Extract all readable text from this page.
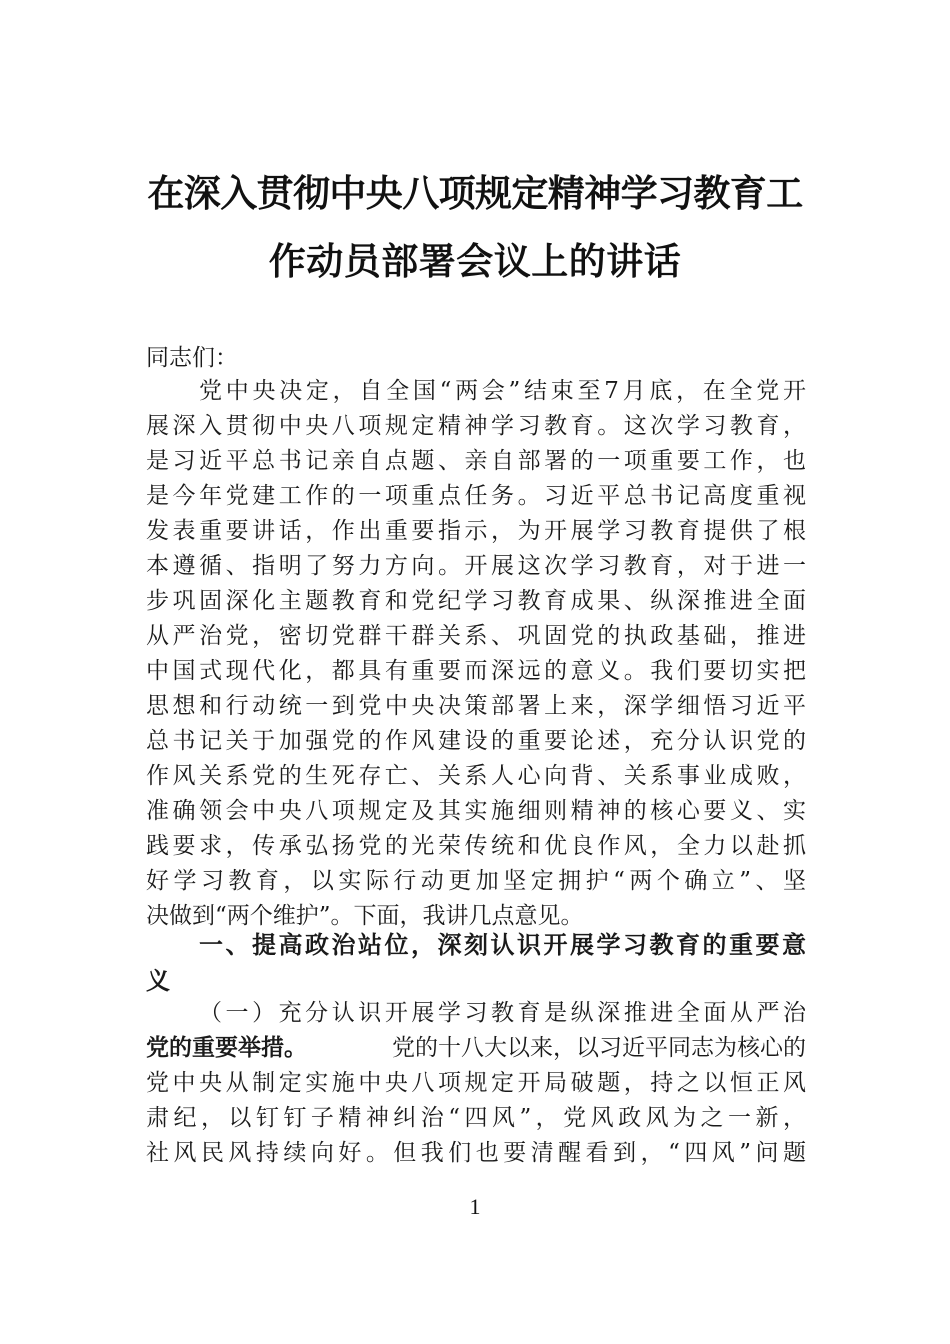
在深入贯彻中央八项规定精神学习教育工
作动员部署会议上的讲话
同志们：
党中央决定，自全国“两会”结束至7月底，在全党开
展深入贯彻中央八项规定精神学习教育。这次学习教育，
是习近平总书记亲自点题、亲自部署的一项重要工作，也
是今年党建工作的一项重点任务。习近平总书记高度重视
发表重要讲话，作出重要指示，为开展学习教育提供了根
本遵循、指明了努力方向。开展这次学习教育，对于进一
步巩固深化主题教育和党纪学习教育成果、纵深推进全面
从严治党，密切党群干群关系、巩固党的执政基础，推进
中国式现代化，都具有重要而深远的意义。我们要切实把
思想和行动统一到党中央决策部署上来，深学细悟习近平
总书记关于加强党的作风建设的重要论述，充分认识党的
作风关系党的生死存亡、关系人心向背、关系事业成败，
准确领会中央八项规定及其实施细则精神的核心要义、实
践要求，传承弘扬党的光荣传统和优良作风，全力以赴抓
好学习教育，以实际行动更加坚定拥护“两个确立”、坚
决做到“两个维护”。下面，我讲几点意见。
一、提高政治站位，深刻认识开展学习教育的重要意
义
（一）充分认识开展学习教育是纵深推进全面从严治
党的重要举措。	党的十八大以来，以习近平同志为核心的
党中央从制定实施中央八项规定开局破题，持之以恒正风
肃纪，以钉钉子精神纠治“四风”，党风政风为之一新，
社风民风持续向好。但我们也要清醒看到，“四风”问题
1
